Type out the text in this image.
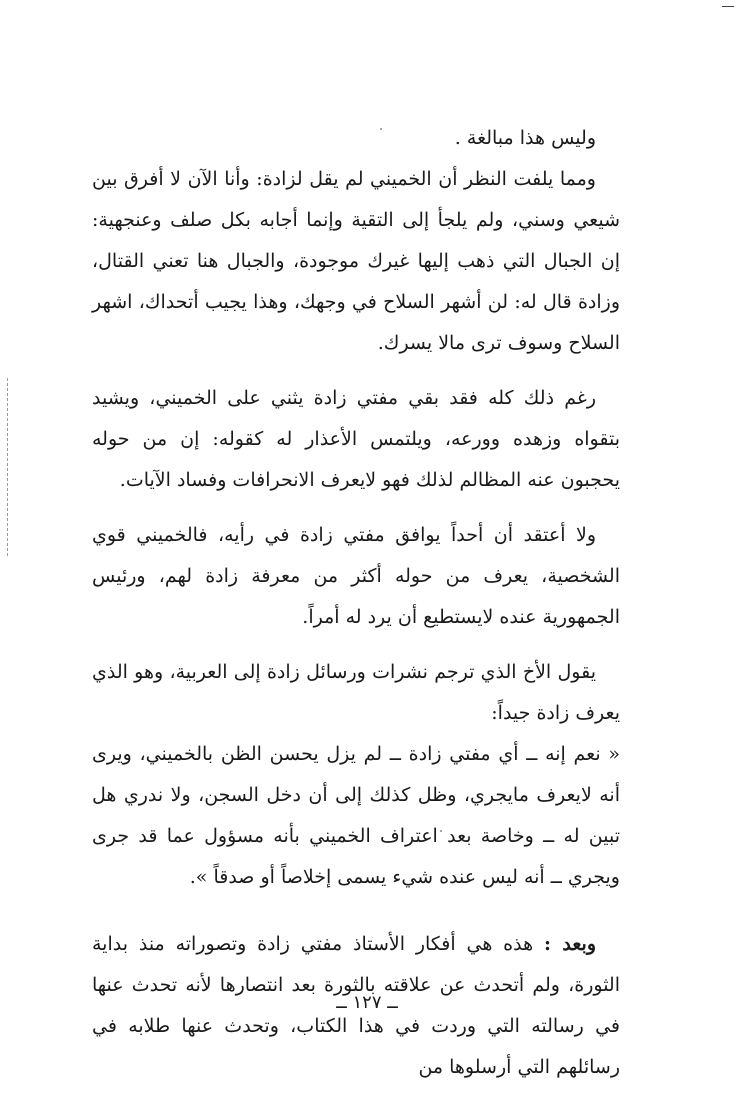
وليس هذا مبالغة .

ومما يلفت النظر أن الخميني لم يقل لزادة: وأنا الآن لا أفرق بين شيعي وسني، ولم يلجأ إلى التقية وإنما أجابه بكل صلف وعنجهية: إن الجبال التي ذهب إليها غيرك موجودة، والجبال هنا تعني القتال، وزادة قال له: لن أشهر السلاح في وجهك، وهذا يجيب أتحداك، اشهر السلاح وسوف ترى مالا يسرك.

رغم ذلك كله فقد بقي مفتي زادة يثني على الخميني، ويشيد بتقواه وزهده وورعه، ويلتمس الأعذار له كقوله: إن من حوله يحجبون عنه المظالم لذلك فهو لايعرف الانحرافات وفساد الآيات.

ولا أعتقد أن أحداً يوافق مفتي زادة في رأيه، فالخميني قوي الشخصية، يعرف من حوله أكثر من معرفة زادة لهم، ورئيس الجمهورية عنده لايستطيع أن يرد له أمراً.

يقول الأخ الذي ترجم نشرات ورسائل زادة إلى العربية، وهو الذي يعرف زادة جيداً:

« نعم إنه ــ أي مفتي زادة ــ لم يزل يحسن الظن بالخميني، ويرى أنه لايعرف مايجري، وظل كذلك إلى أن دخل السجن، ولا ندري هل تبين له ــ وخاصة بعد اعتراف الخميني بأنه مسؤول عما قد جرى ويجري ــ أنه ليس عنده شيء يسمى إخلاصاً أو صدقاً ».

وبعد : هذه هي أفكار الأستاذ مفتي زادة وتصوراته منذ بداية الثورة، ولم أتحدث عن علاقته بالثورة بعد انتصارها لأنه تحدث عنها في رسالته التي وردت في هذا الكتاب، وتحدث عنها طلابه في رسائلهم التي أرسلوها من

ــ ١٢٧ ــ
